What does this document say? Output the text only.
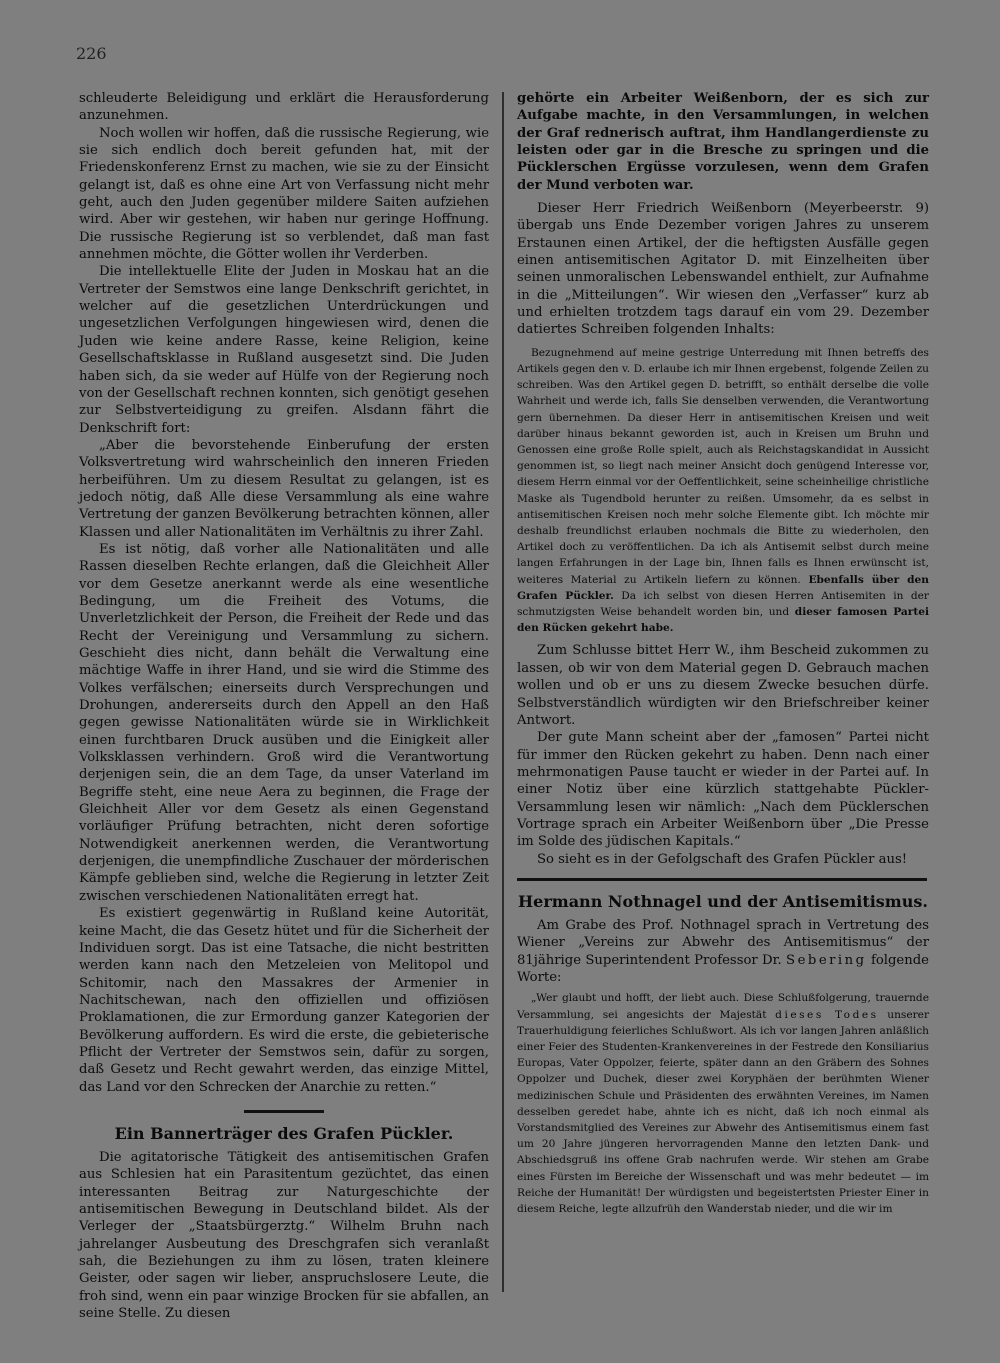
226

schleuderte Beleidigung und erklärt die Herausforderung anzunehmen.

Noch wollen wir hoffen, daß die russische Regierung, wie sie sich endlich doch bereit gefunden hat, mit der Friedenskonferenz Ernst zu machen, wie sie zu der Einsicht gelangt ist, daß es ohne eine Art von Verfassung nicht mehr geht, auch den Juden gegenüber mildere Saiten aufziehen wird. Aber wir gestehen, wir haben nur geringe Hoffnung. Die russische Regierung ist so verblendet, daß man fast annehmen möchte, die Götter wollen ihr Verderben.

Die intellektuelle Elite der Juden in Moskau hat an die Vertreter der Semstwos eine lange Denkschrift gerichtet, in welcher auf die gesetzlichen Unterdrückungen und ungesetzlichen Verfolgungen hingewiesen wird, denen die Juden wie keine andere Rasse, keine Religion, keine Gesellschaftsklasse in Rußland ausgesetzt sind. Die Juden haben sich, da sie weder auf Hülfe von der Regierung noch von der Gesellschaft rechnen konnten, sich genötigt gesehen zur Selbstverteidigung zu greifen. Alsdann fährt die Denkschrift fort:

„Aber die bevorstehende Einberufung der ersten Volksvertretung wird wahrscheinlich den inneren Frieden herbeiführen. Um zu diesem Resultat zu gelangen, ist es jedoch nötig, daß Alle diese Versammlung als eine wahre Vertretung der ganzen Bevölkerung betrachten können, aller Klassen und aller Nationalitäten im Verhältnis zu ihrer Zahl.

Es ist nötig, daß vorher alle Nationalitäten und alle Rassen dieselben Rechte erlangen, daß die Gleichheit Aller vor dem Gesetze anerkannt werde als eine wesentliche Bedingung, um die Freiheit des Votums, die Unverletzlichkeit der Person, die Freiheit der Rede und das Recht der Vereinigung und Versammlung zu sichern. Geschieht dies nicht, dann behält die Verwaltung eine mächtige Waffe in ihrer Hand, und sie wird die Stimme des Volkes verfälschen; einerseits durch Versprechungen und Drohungen, andererseits durch den Appell an den Haß gegen gewisse Nationalitäten würde sie in Wirklichkeit einen furchtbaren Druck ausüben und die Einigkeit aller Volksklassen verhindern. Groß wird die Verantwortung derjenigen sein, die an dem Tage, da unser Vaterland im Begriffe steht, eine neue Aera zu beginnen, die Frage der Gleichheit Aller vor dem Gesetz als einen Gegenstand vorläufiger Prüfung betrachten, nicht deren sofortige Notwendigkeit anerkennen werden, die Verantwortung derjenigen, die unempfindliche Zuschauer der mörderischen Kämpfe geblieben sind, welche die Regierung in letzter Zeit zwischen verschiedenen Nationalitäten erregt hat.

Es existiert gegenwärtig in Rußland keine Autorität, keine Macht, die das Gesetz hütet und für die Sicherheit der Individuen sorgt. Das ist eine Tatsache, die nicht bestritten werden kann nach den Metzeleien von Melitopol und Schitomir, nach den Massakres der Armenier in Nachitschewan, nach den offiziellen und offiziösen Proklamationen, die zur Ermordung ganzer Kategorien der Bevölkerung auffordern. Es wird die erste, die gebieterische Pflicht der Vertreter der Semstwos sein, dafür zu sorgen, daß Gesetz und Recht gewahrt werden, das einzige Mittel, das Land vor den Schrecken der Anarchie zu retten.“

Ein Bannerträger des Grafen Pückler.

Die agitatorische Tätigkeit des antisemitischen Grafen aus Schlesien hat ein Parasitentum gezüchtet, das einen interessanten Beitrag zur Naturgeschichte der antisemitischen Bewegung in Deutschland bildet. Als der Verleger der „Staatsbürgerztg.“ Wilhelm Bruhn nach jahrelanger Ausbeutung des Dreschgrafen sich veranlaßt sah, die Beziehungen zu ihm zu lösen, traten kleinere Geister, oder sagen wir lieber, anspruchslosere Leute, die froh sind, wenn ein paar winzige Brocken für sie abfallen, an seine Stelle. Zu diesen

gehörte ein Arbeiter Weißenborn, der es sich zur Aufgabe machte, in den Versammlungen, in welchen der Graf rednerisch auftrat, ihm Handlangerdienste zu leisten oder gar in die Bresche zu springen und die Pücklerschen Ergüsse vorzulesen, wenn dem Grafen der Mund verboten war.

Dieser Herr Friedrich Weißenborn (Meyerbeerstr. 9) übergab uns Ende Dezember vorigen Jahres zu unserem Erstaunen einen Artikel, der die heftigsten Ausfälle gegen einen antisemitischen Agitator D. mit Einzelheiten über seinen unmoralischen Lebenswandel enthielt, zur Aufnahme in die „Mitteilungen“. Wir wiesen den „Verfasser“ kurz ab und erhielten trotzdem tags darauf ein vom 29. Dezember datiertes Schreiben folgenden Inhalts:

Bezugnehmend auf meine gestrige Unterredung mit Ihnen betreffs des Artikels gegen den v. D. erlaube ich mir Ihnen ergebenst, folgende Zeilen zu schreiben. Was den Artikel gegen D. betrifft, so enthält derselbe die volle Wahrheit und werde ich, falls Sie denselben verwenden, die Verantwortung gern übernehmen. Da dieser Herr in antisemitischen Kreisen und weit darüber hinaus bekannt geworden ist, auch in Kreisen um Bruhn und Genossen eine große Rolle spielt, auch als Reichstagskandidat in Aussicht genommen ist, so liegt nach meiner Ansicht doch genügend Interesse vor, diesem Herrn einmal vor der Oeffentlichkeit, seine scheinheilige christliche Maske als Tugendbold herunter zu reißen. Umsomehr, da es selbst in antisemitischen Kreisen noch mehr solche Elemente gibt. Ich möchte mir deshalb freundlichst erlauben nochmals die Bitte zu wiederholen, den Artikel doch zu veröffentlichen. Da ich als Antisemit selbst durch meine langen Erfahrungen in der Lage bin, Ihnen falls es Ihnen erwünscht ist, weiteres Material zu Artikeln liefern zu können. Ebenfalls über den Grafen Pückler. Da ich selbst von diesen Herren Antisemiten in der schmutzigsten Weise behandelt worden bin, und dieser famosen Partei den Rücken gekehrt habe.

Zum Schlusse bittet Herr W., ihm Bescheid zukommen zu lassen, ob wir von dem Material gegen D. Gebrauch machen wollen und ob er uns zu diesem Zwecke besuchen dürfe. Selbstverständlich würdigten wir den Briefschreiber keiner Antwort.

Der gute Mann scheint aber der „famosen“ Partei nicht für immer den Rücken gekehrt zu haben. Denn nach einer mehrmonatigen Pause taucht er wieder in der Partei auf. In einer Notiz über eine kürzlich stattgehabte Pückler-Versammlung lesen wir nämlich: „Nach dem Pücklerschen Vortrage sprach ein Arbeiter Weißenborn über „Die Presse im Solde des jüdischen Kapitals.“

So sieht es in der Gefolgschaft des Grafen Pückler aus!

Hermann Nothnagel und der Antisemitismus.

Am Grabe des Prof. Nothnagel sprach in Vertretung des Wiener „Vereins zur Abwehr des Antisemitismus“ der 81jährige Superintendent Professor Dr. Sebering folgende Worte:

„Wer glaubt und hofft, der liebt auch. Diese Schlußfolgerung, trauernde Versammlung, sei angesichts der Majestät dieses Todes unserer Trauerhuldigung feierliches Schlußwort. Als ich vor langen Jahren anläßlich einer Feier des Studenten-Krankenvereines in der Festrede den Konsiliarius Europas, Vater Oppolzer, feierte, später dann an den Gräbern des Sohnes Oppolzer und Duchek, dieser zwei Koryphäen der berühmten Wiener medizinischen Schule und Präsidenten des erwähnten Vereines, im Namen desselben geredet habe, ahnte ich es nicht, daß ich noch einmal als Vorstandsmitglied des Vereines zur Abwehr des Antisemitismus einem fast um 20 Jahre jüngeren hervorragenden Manne den letzten Dank- und Abschiedsgruß ins offene Grab nachrufen werde. Wir stehen am Grabe eines Fürsten im Bereiche der Wissenschaft und was mehr bedeutet — im Reiche der Humanität! Der würdigsten und begeistertsten Priester Einer in diesem Reiche, legte allzufrüh den Wanderstab nieder, und die wir im
